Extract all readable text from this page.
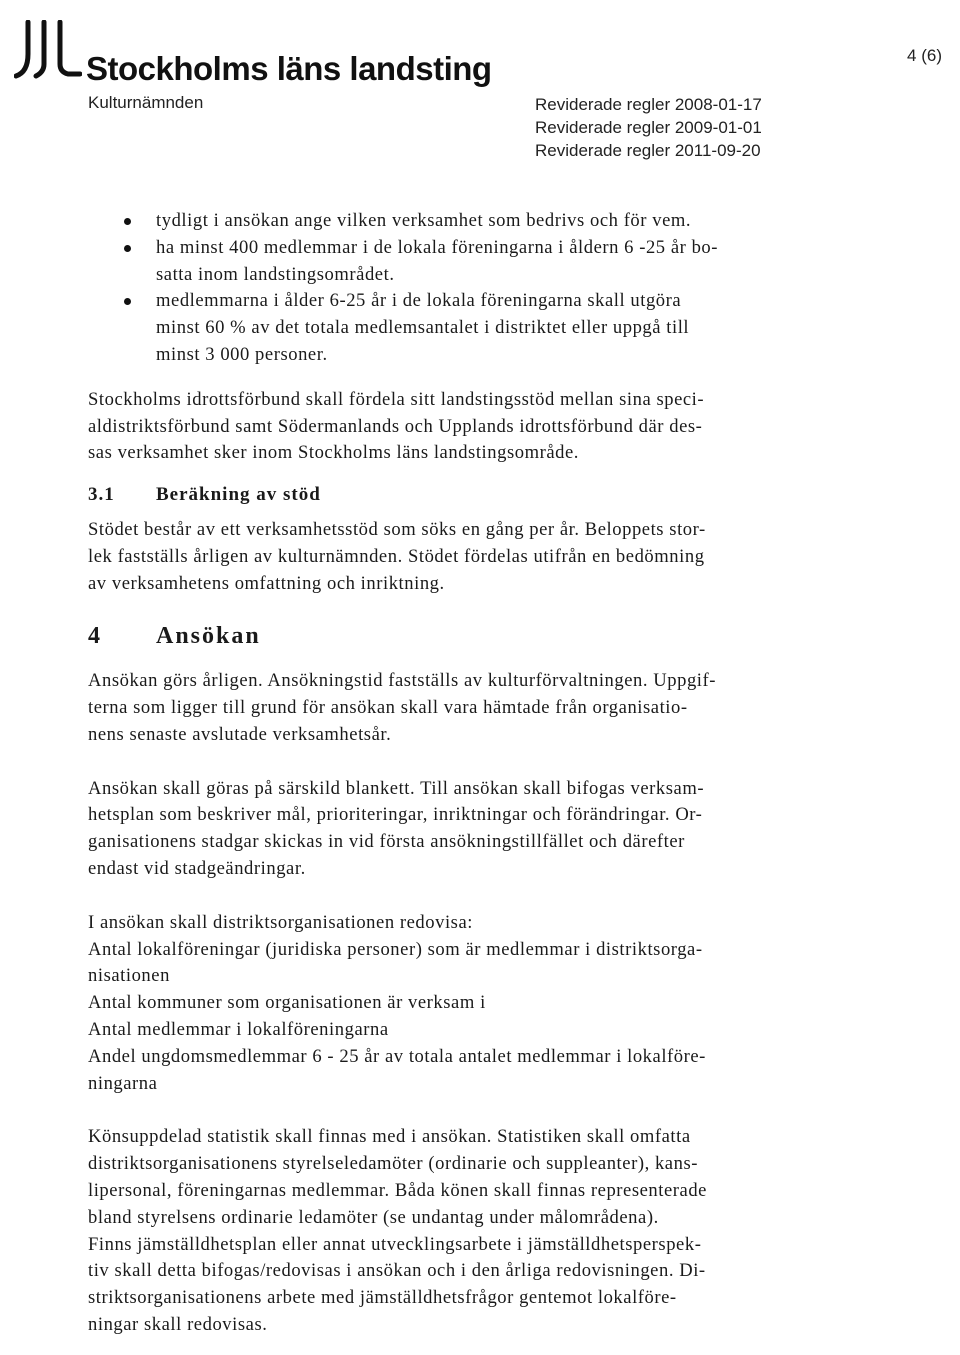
Stockholms läns landsting	4 (6)
Kulturnämnden	Reviderade regler 2008-01-17
Reviderade regler 2009-01-01
Reviderade regler 2011-09-20
tydligt i ansökan ange vilken verksamhet som bedrivs och för vem.
ha minst 400 medlemmar i de lokala föreningarna i åldern 6 -25 år bo-
satta inom landstingsområdet.
medlemmarna i ålder 6-25 år i de lokala föreningarna skall utgöra
minst 60 % av det totala medlemsantalet i distriktet eller uppgå till
minst 3 000 personer.
Stockholms idrottsförbund skall fördela sitt landstingsstöd mellan sina speci-
aldistriktsförbund samt Södermanlands och Upplands idrottsförbund där des-
sas verksamhet sker inom Stockholms läns landstingsområde.
3.1 Beräkning av stöd
Stödet består av ett verksamhetsstöd som söks en gång per år. Beloppets stor-
lek fastställs årligen av kulturnämnden. Stödet fördelas utifrån en bedömning
av verksamhetens omfattning och inriktning.
4 Ansökan
Ansökan görs årligen. Ansökningstid fastställs av kulturförvaltningen. Uppgif-
terna som ligger till grund för ansökan skall vara hämtade från organisatio-
nens senaste avslutade verksamhetsår.
Ansökan skall göras på särskild blankett. Till ansökan skall bifogas verksam-
hetsplan som beskriver mål, prioriteringar, inriktningar och förändringar. Or-
ganisationens stadgar skickas in vid första ansökningstillfället och därefter
endast vid stadgeändringar.
I ansökan skall distriktsorganisationen redovisa:
Antal lokalföreningar (juridiska personer) som är medlemmar i distriktsorga-
nisationen
Antal kommuner som organisationen är verksam i
Antal medlemmar i lokalföreningarna
Andel ungdomsmedlemmar 6 - 25 år av totala antalet medlemmar i lokalföre-
ningarna
Könsuppdelad statistik skall finnas med i ansökan. Statistiken skall omfatta
distriktsorganisationens styrelseledamöter (ordinarie och suppleanter), kans-
lipersonal, föreningarnas medlemmar. Båda könen skall finnas representerade
bland styrelsens ordinarie ledamöter (se undantag under målområdena).
Finns jämställdhetsplan eller annat utvecklingsarbete i jämställdhetsperspek-
tiv skall detta bifogas/redovisas i ansökan och i den årliga redovisningen. Di-
striktsorganisationens arbete med jämställdhetsfrågor gentemot lokalföre-
ningar skall redovisas.
